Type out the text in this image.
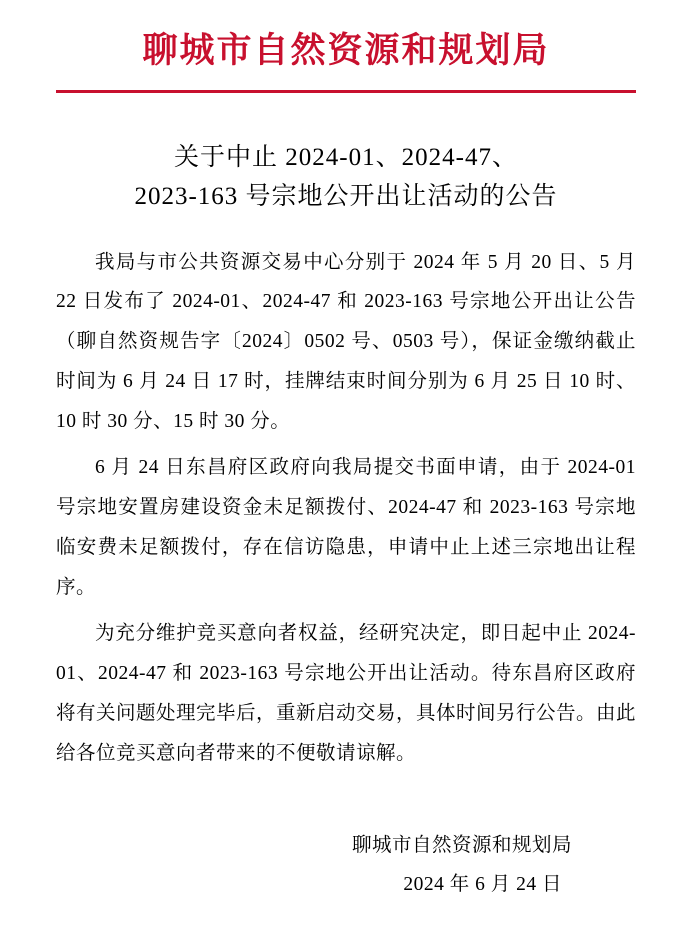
聊城市自然资源和规划局
关于中止 2024-01、2024-47、
2023-163 号宗地公开出让活动的公告

我局与市公共资源交易中心分别于 2024 年 5 月 20 日、5 月 22 日发布了 2024-01、2024-47 和 2023-163 号宗地公开出让公告（聊自然资规告字〔2024〕0502 号、0503 号），保证金缴纳截止时间为 6 月 24 日 17 时，挂牌结束时间分别为 6 月 25 日 10 时、10 时 30 分、15 时 30 分。

6 月 24 日东昌府区政府向我局提交书面申请，由于 2024-01 号宗地安置房建设资金未足额拨付、2024-47 和 2023-163 号宗地临安费未足额拨付，存在信访隐患，申请中止上述三宗地出让程序。

为充分维护竞买意向者权益，经研究决定，即日起中止 2024-01、2024-47 和 2023-163 号宗地公开出让活动。待东昌府区政府将有关问题处理完毕后，重新启动交易，具体时间另行公告。由此给各位竞买意向者带来的不便敬请谅解。

聊城市自然资源和规划局
2024 年 6 月 24 日
